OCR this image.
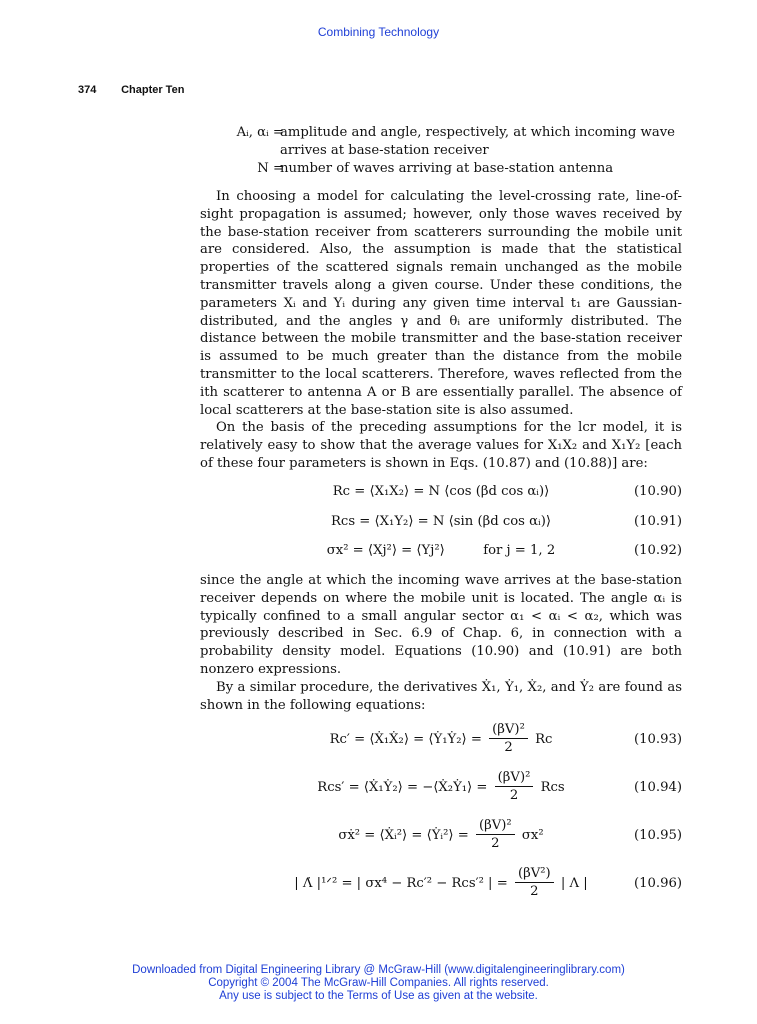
Combining Technology
374 Chapter Ten
Aᵢ, αᵢ =
amplitude and angle, respectively, at which incoming wave
arrives at base-station receiver
N =
number of waves arriving at base-station antenna

In choosing a model for calculating the level-crossing rate, line-of-sight propagation is assumed; however, only those waves received by the base-station receiver from scatterers surrounding the mobile unit are considered. Also, the assumption is made that the statistical properties of the scattered signals remain unchanged as the mobile transmitter travels along a given course. Under these conditions, the parameters Xᵢ and Yᵢ during any given time interval t₁ are Gaussian-distributed, and the angles γ and θᵢ are uniformly distributed. The distance between the mobile transmitter and the base-station receiver is assumed to be much greater than the distance from the mobile transmitter to the local scatterers. Therefore, waves reflected from the ith scatterer to antenna A or B are essentially parallel. The absence of local scatterers at the base-station site is also assumed.

On the basis of the preceding assumptions for the lcr model, it is relatively easy to show that the average values for X₁X₂ and X₁Y₂ [each of these four parameters is shown in Eqs. (10.87) and (10.88)] are:

Rc = ⟨X₁X₂⟩ = N ⟨cos (βd cos αᵢ)⟩	(10.90)
Rcs = ⟨X₁Y₂⟩ = N ⟨sin (βd cos αᵢ)⟩	(10.91)
σx² = ⟨Xj²⟩ = ⟨Yj²⟩	for j = 1, 2	(10.92)

since the angle at which the incoming wave arrives at the base-station receiver depends on where the mobile unit is located. The angle αᵢ is typically confined to a small angular sector α₁ < αᵢ < α₂, which was previously described in Sec. 6.9 of Chap. 6, in connection with a probability density model. Equations (10.90) and (10.91) are both nonzero expressions.

By a similar procedure, the derivatives Ẋ₁, Ẏ₁, Ẋ₂, and Ẏ₂ are found as shown in the following equations:

Rc′ = ⟨Ẋ₁Ẋ₂⟩ = ⟨Ẏ₁Ẏ₂⟩ = $\frac{\text{(βV)²}}{2}$ Rc	(10.93)
Rcs′ = ⟨Ẋ₁Ẏ₂⟩ = −⟨Ẋ₂Ẏ₁⟩ = $\frac{\text{(βV)²}}{2}$ Rcs	(10.94)
σẋ² = ⟨Ẋᵢ²⟩ = ⟨Ẏᵢ²⟩ = $\frac{\text{(βV)²}}{2} \sigma x^2$	(10.95)
| Λ̇ |¹ᐟ² = | σx⁴ − Rc′² − Rcs′² | = $\frac{\text{(βV²)}}{2}$ | Λ |	(10.96)
Downloaded from Digital Engineering Library @ McGraw-Hill (www.digitalengineeringlibrary.com)
Copyright © 2004 The McGraw-Hill Companies. All rights reserved.
Any use is subject to the Terms of Use as given at the website.
